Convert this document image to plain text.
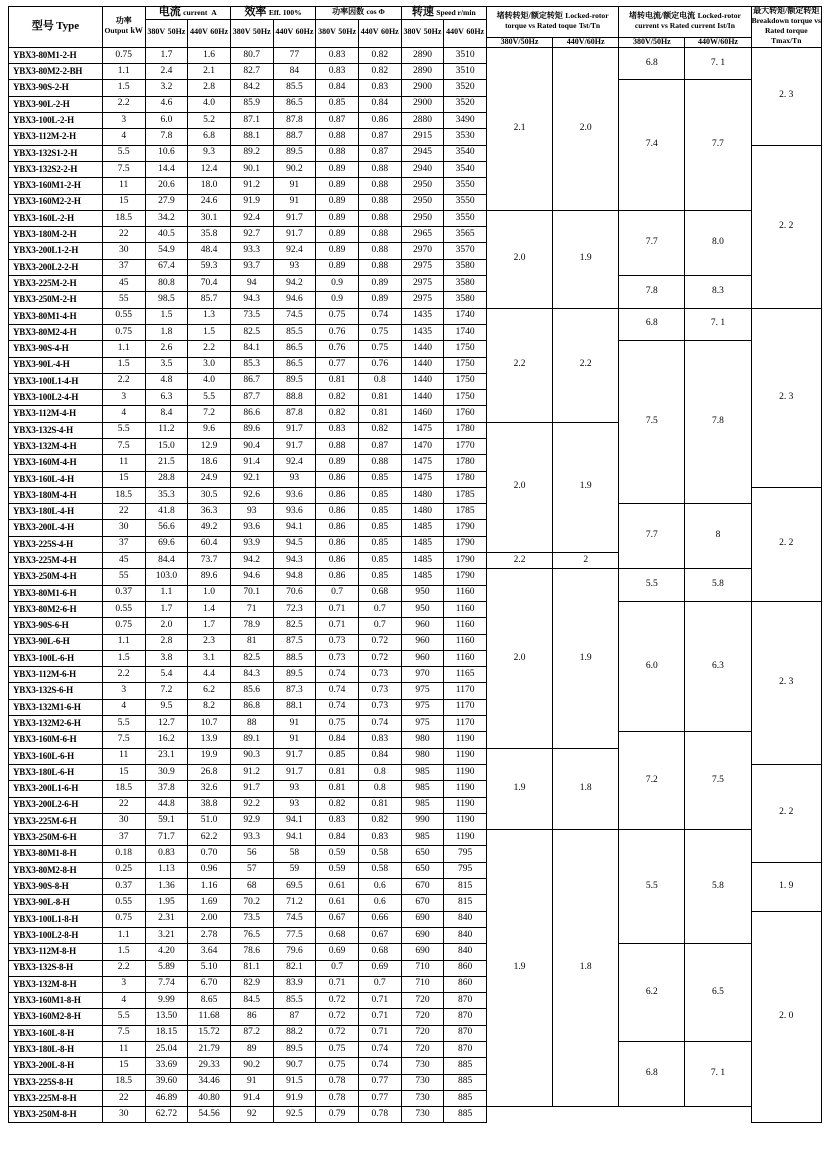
型号 Type	功率 Output kW	电流 current A		效率 Eff. 100%		功率因数 cos Φ		转速 Speed r/min		堵转转矩/额定转矩 Locked-rotor torque vs Rated toque Tst/Tn		堵转电流/额定电流 Locked-rotor current vs Rated current Ist/In		最大转矩/额定转矩 Breakdown torque vs Rated torque Tmax/Tn
		380V 50Hz	440V 60Hz	380V 50Hz	440V 60Hz	380V 50Hz	440V 60Hz	380V 50Hz	440V 60Hz					
										380V/50Hz	440V/60Hz	380V/50Hz	440W/60Hz	
YBX3-80M1-2-H	0.75	1.7	1.6	80.7	77	0.83	0.82	2890	3510	2.1	2.0	6.8	7. 1	2. 3
YBX3-80M2-2-BH	1.1	2.4	2.1	82.7	84	0.83	0.82	2890	3510					
YBX3-90S-2-H	1.5	3.2	2.8	84.2	85.5	0.84	0.83	2900	3520			7.4	7.7	
YBX3-90L-2-H	2.2	4.6	4.0	85.9	86.5	0.85	0.84	2900	3520					
YBX3-100L-2-H	3	6.0	5.2	87.1	87.8	0.87	0.86	2880	3490					
YBX3-112M-2-H	4	7.8	6.8	88.1	88.7	0.88	0.87	2915	3530					
YBX3-132S1-2-H	5.5	10.6	9.3	89.2	89.5	0.88	0.87	2945	3540					2. 2
YBX3-132S2-2-H	7.5	14.4	12.4	90.1	90.2	0.89	0.88	2940	3540					
YBX3-160M1-2-H	11	20.6	18.0	91.2	91	0.89	0.88	2950	3550					
YBX3-160M2-2-H	15	27.9	24.6	91.9	91	0.89	0.88	2950	3550					
YBX3-160L-2-H	18.5	34.2	30.1	92.4	91.7	0.89	0.88	2950	3550	2.0	1.9	7.7	8.0	
YBX3-180M-2-H	22	40.5	35.8	92.7	91.7	0.89	0.88	2965	3565					
YBX3-200L1-2-H	30	54.9	48.4	93.3	92.4	0.89	0.88	2970	3570					
YBX3-200L2-2-H	37	67.4	59.3	93.7	93	0.89	0.88	2975	3580					
YBX3-225M-2-H	45	80.8	70.4	94	94.2	0.9	0.89	2975	3580			7.8	8.3	
YBX3-250M-2-H	55	98.5	85.7	94.3	94.6	0.9	0.89	2975	3580					
YBX3-80M1-4-H	0.55	1.5	1.3	73.5	74.5	0.75	0.74	1435	1740	2.2	2.2	6.8	7. 1	2. 3
YBX3-80M2-4-H	0.75	1.8	1.5	82.5	85.5	0.76	0.75	1435	1740					
YBX3-90S-4-H	1.1	2.6	2.2	84.1	86.5	0.76	0.75	1440	1750			7.5	7.8	
YBX3-90L-4-H	1.5	3.5	3.0	85.3	86.5	0.77	0.76	1440	1750					
YBX3-100L1-4-H	2.2	4.8	4.0	86.7	89.5	0.81	0.8	1440	1750					
YBX3-100L2-4-H	3	6.3	5.5	87.7	88.8	0.82	0.81	1440	1750					
YBX3-112M-4-H	4	8.4	7.2	86.6	87.8	0.82	0.81	1460	1760					
YBX3-132S-4-H	5.5	11.2	9.6	89.6	91.7	0.83	0.82	1475	1780	2.0	1.9			
YBX3-132M-4-H	7.5	15.0	12.9	90.4	91.7	0.88	0.87	1470	1770					
YBX3-160M-4-H	11	21.5	18.6	91.4	92.4	0.89	0.88	1475	1780					
YBX3-160L-4-H	15	28.8	24.9	92.1	93	0.86	0.85	1475	1780					
YBX3-180M-4-H	18.5	35.3	30.5	92.6	93.6	0.86	0.85	1480	1785					2. 2
YBX3-180L-4-H	22	41.8	36.3	93	93.6	0.86	0.85	1480	1785			7.7	8	
YBX3-200L-4-H	30	56.6	49.2	93.6	94.1	0.86	0.85	1485	1790					
YBX3-225S-4-H	37	69.6	60.4	93.9	94.5	0.86	0.85	1485	1790					
YBX3-225M-4-H	45	84.4	73.7	94.2	94.3	0.86	0.85	1485	1790	2.2	2			
YBX3-250M-4-H	55	103.0	89.6	94.6	94.8	0.86	0.85	1485	1790	2.0	1.9	5.5	5.8	
YBX3-80M1-6-H	0.37	1.1	1.0	70.1	70.6	0.7	0.68	950	1160					
YBX3-80M2-6-H	0.55	1.7	1.4	71	72.3	0.71	0.7	950	1160			6.0	6.3	2. 3
YBX3-90S-6-H	0.75	2.0	1.7	78.9	82.5	0.71	0.7	960	1160					
YBX3-90L-6-H	1.1	2.8	2.3	81	87.5	0.73	0.72	960	1160					
YBX3-100L-6-H	1.5	3.8	3.1	82.5	88.5	0.73	0.72	960	1160					
YBX3-112M-6-H	2.2	5.4	4.4	84.3	89.5	0.74	0.73	970	1165					
YBX3-132S-6-H	3	7.2	6.2	85.6	87.3	0.74	0.73	975	1170					
YBX3-132M1-6-H	4	9.5	8.2	86.8	88.1	0.74	0.73	975	1170					
YBX3-132M2-6-H	5.5	12.7	10.7	88	91	0.75	0.74	975	1170					
YBX3-160M-6-H	7.5	16.2	13.9	89.1	91	0.84	0.83	980	1190			7.2	7.5	
YBX3-160L-6-H	11	23.1	19.9	90.3	91.7	0.85	0.84	980	1190	1.9	1.8			
YBX3-180L-6-H	15	30.9	26.8	91.2	91.7	0.81	0.8	985	1190					2. 2
YBX3-200L1-6-H	18.5	37.8	32.6	91.7	93	0.81	0.8	985	1190					
YBX3-200L2-6-H	22	44.8	38.8	92.2	93	0.82	0.81	985	1190					
YBX3-225M-6-H	30	59.1	51.0	92.9	94.1	0.83	0.82	990	1190					
YBX3-250M-6-H	37	71.7	62.2	93.3	94.1	0.84	0.83	985	1190	1.9	1.8	5.5	5.8	
YBX3-80M1-8-H	0.18	0.83	0.70	56	58	0.59	0.58	650	795					
YBX3-80M2-8-H	0.25	1.13	0.96	57	59	0.59	0.58	650	795					1. 9
YBX3-90S-8-H	0.37	1.36	1.16	68	69.5	0.61	0.6	670	815					
YBX3-90L-8-H	0.55	1.95	1.69	70.2	71.2	0.61	0.6	670	815					
YBX3-100L1-8-H	0.75	2.31	2.00	73.5	74.5	0.67	0.66	690	840					2. 0
YBX3-100L2-8-H	1.1	3.21	2.78	76.5	77.5	0.68	0.67	690	840					
YBX3-112M-8-H	1.5	4.20	3.64	78.6	79.6	0.69	0.68	690	840			6.2	6.5	
YBX3-132S-8-H	2.2	5.89	5.10	81.1	82.1	0.7	0.69	710	860					
YBX3-132M-8-H	3	7.74	6.70	82.9	83.9	0.71	0.7	710	860					
YBX3-160M1-8-H	4	9.99	8.65	84.5	85.5	0.72	0.71	720	870					
YBX3-160M2-8-H	5.5	13.50	11.68	86	87	0.72	0.71	720	870					
YBX3-160L-8-H	7.5	18.15	15.72	87.2	88.2	0.72	0.71	720	870					
YBX3-180L-8-H	11	25.04	21.79	89	89.5	0.75	0.74	720	870			6.8	7. 1	
YBX3-200L-8-H	15	33.69	29.33	90.2	90.7	0.75	0.74	730	885					
YBX3-225S-8-H	18.5	39.60	34.46	91	91.5	0.78	0.77	730	885					
YBX3-225M-8-H	22	46.89	40.80	91.4	91.9	0.78	0.77	730	885					
YBX3-250M-8-H	30	62.72	54.56	92	92.5	0.79	0.78	730	885					
